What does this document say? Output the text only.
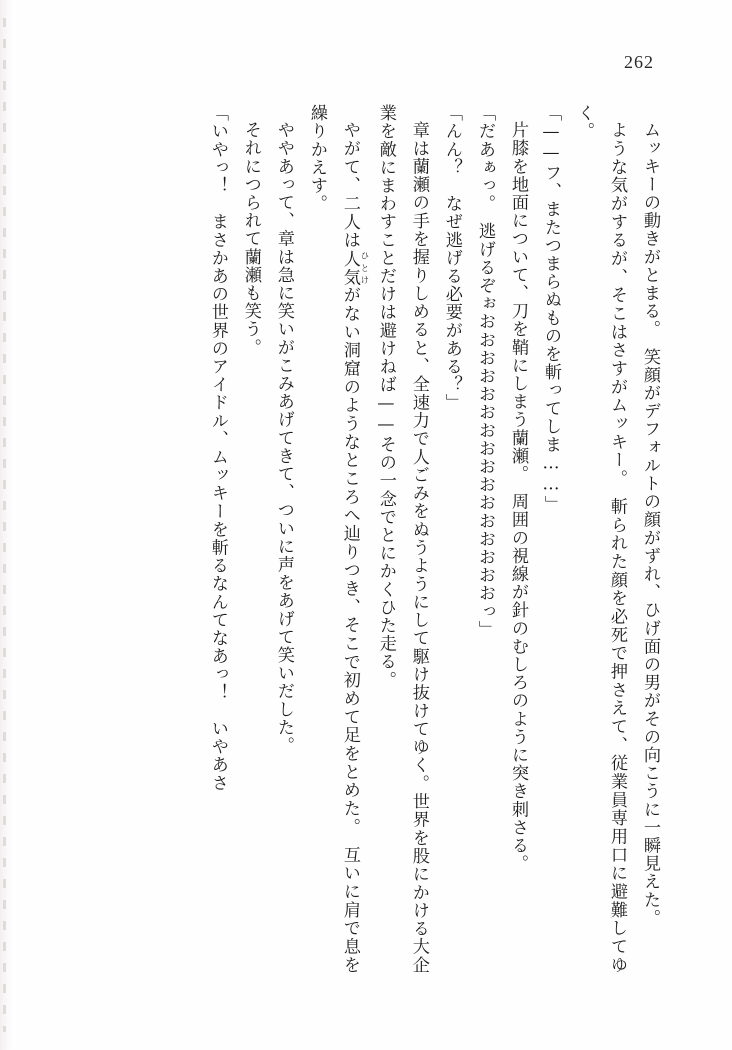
262

ムッキーの動きがとまる。　笑顔がデフォルトの顔がずれ、ひげ面の男がその向こうに一瞬見えた。

ような気がするが、そこはさすがムッキー。　斬られた顔を必死で押さえて、従業員専用口に避難してゆく。

「——フ、またつまらぬものを斬ってしま……」

片膝を地面について、刀を鞘にしまう蘭瀬。　周囲の視線が針のむしろのように突き刺さる。

「だあぁっ。　逃げるぞぉおおおおおおおおおおおおおおおおっ」

「んん？　なぜ逃げる必要がある？」

章は蘭瀬の手を握りしめると、全速力で人ごみをぬうようにして駆け抜けてゆく。世界を股にかける大企業を敵にまわすことだけは避けねば——その一念でとにかくひた走る。

やがて、二人は人気 ひとけがない洞窟のようなところへ辿りつき、そこで初めて足をとめた。　互いに肩で息を繰りかえす。

ややあって、章は急に笑いがこみあげてきて、ついに声をあげて笑いだした。

それにつられて蘭瀬も笑う。

「いやっ！　まさかあの世界のアイドル、ムッキーを斬るなんてなあっ！　いやあさ
